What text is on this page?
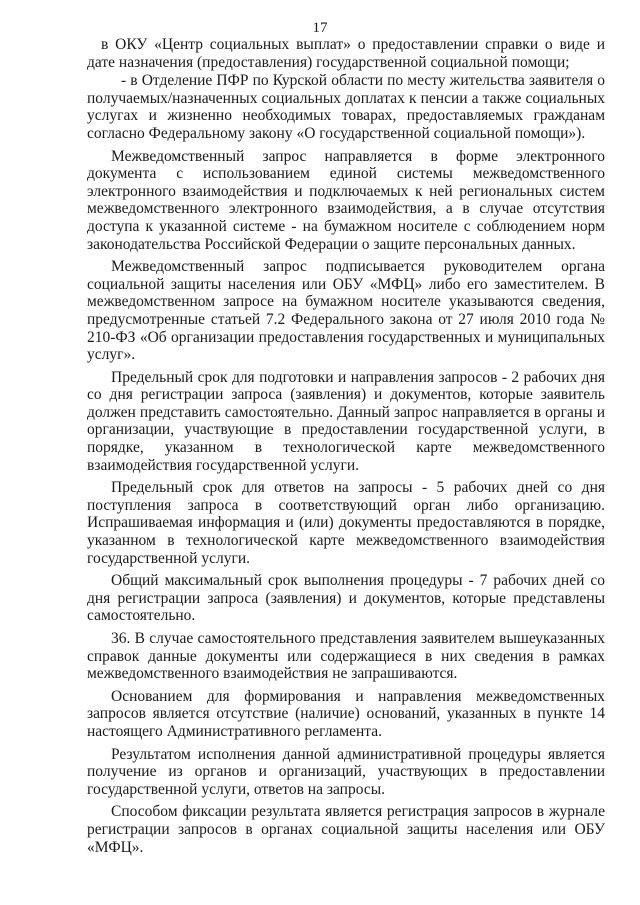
17

в ОКУ «Центр социальных выплат» о предоставлении справки о виде и дате назначения (предоставления) государственной социальной помощи;

- в Отделение ПФР по Курской области по месту жительства заявителя о получаемых/назначенных социальных доплатах к пенсии а также социальных услугах и жизненно необходимых товарах, предоставляемых гражданам согласно Федеральному закону «О государственной социальной помощи»).

Межведомственный запрос направляется в форме электронного документа с использованием единой системы межведомственного электронного взаимодействия и подключаемых к ней региональных систем межведомственного электронного взаимодействия, а в случае отсутствия доступа к указанной системе - на бумажном носителе с соблюдением норм законодательства Российской Федерации о защите персональных данных.

Межведомственный запрос подписывается руководителем органа социальной защиты населения или ОБУ «МФЦ» либо его заместителем. В межведомственном запросе на бумажном носителе указываются сведения, предусмотренные статьей 7.2 Федерального закона от 27 июля 2010 года № 210-ФЗ «Об организации предоставления государственных и муниципальных услуг».

Предельный срок для подготовки и направления запросов - 2 рабочих дня со дня регистрации запроса (заявления) и документов, которые заявитель должен представить самостоятельно. Данный запрос направляется в органы и организации, участвующие в предоставлении государственной услуги, в порядке, указанном в технологической карте межведомственного взаимодействия государственной услуги.

Предельный срок для ответов на запросы - 5 рабочих дней со дня поступления запроса в соответствующий орган либо организацию. Испрашиваемая информация и (или) документы предоставляются в порядке, указанном в технологической карте межведомственного взаимодействия государственной услуги.

Общий максимальный срок выполнения процедуры - 7 рабочих дней со дня регистрации запроса (заявления) и документов, которые представлены самостоятельно.

36. В случае самостоятельного представления заявителем вышеуказанных справок данные документы или содержащиеся в них сведения в рамках межведомственного взаимодействия не запрашиваются.

Основанием для формирования и направления межведомственных запросов является отсутствие (наличие) оснований, указанных в пункте 14 настоящего Административного регламента.

Результатом исполнения данной административной процедуры является получение из органов и организаций, участвующих в предоставлении государственной услуги, ответов на запросы.

Способом фиксации результата является регистрация запросов в журнале регистрации запросов в органах социальной защиты населения или ОБУ «МФЦ».
